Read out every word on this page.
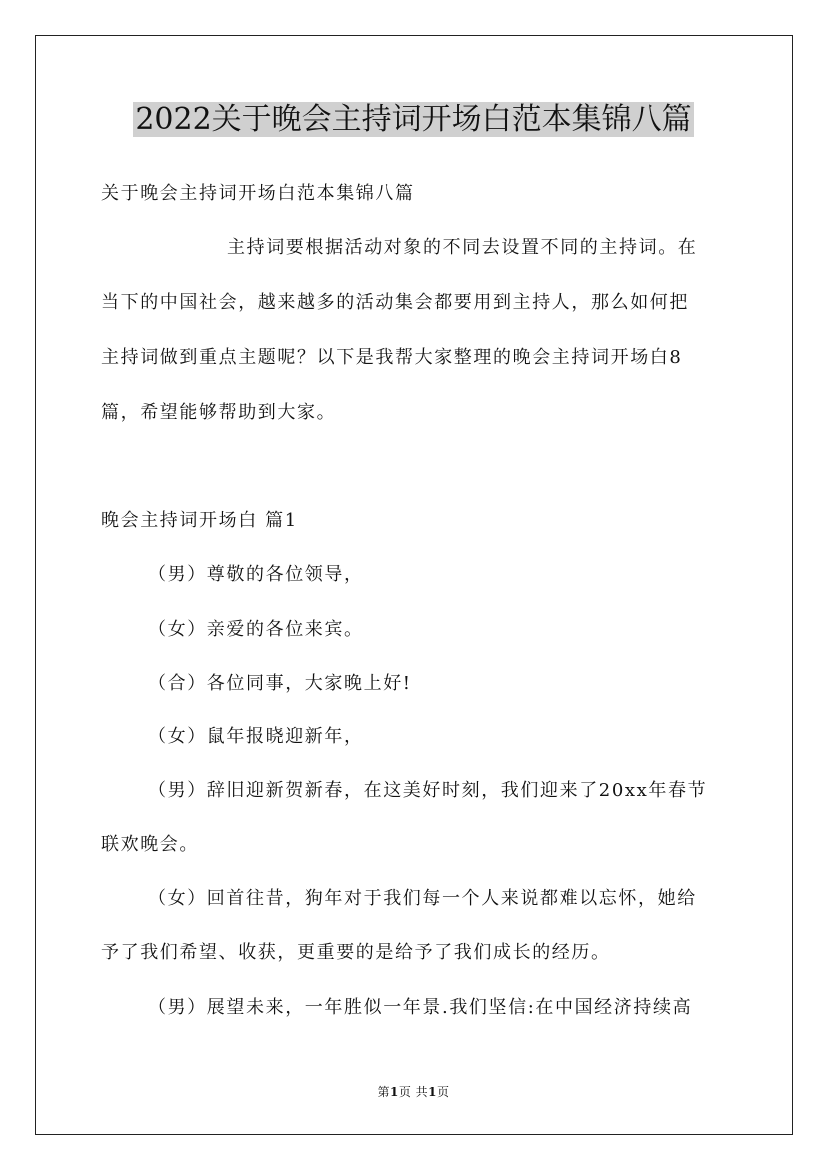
2022关于晚会主持词开场白范本集锦八篇

关于晚会主持词开场白范本集锦八篇

主持词要根据活动对象的不同去设置不同的主持词。在

当下的中国社会，越来越多的活动集会都要用到主持人，那么如何把

主持词做到重点主题呢？以下是我帮大家整理的晚会主持词开场白8

篇，希望能够帮助到大家。

晚会主持词开场白 篇1

（男）尊敬的各位领导，

（女）亲爱的各位来宾。

（合）各位同事，大家晚上好!

（女）鼠年报晓迎新年，

（男）辞旧迎新贺新春，在这美好时刻，我们迎来了20xx年春节

联欢晚会。

（女）回首往昔，狗年对于我们每一个人来说都难以忘怀，她给

予了我们希望、收获，更重要的是给予了我们成长的经历。

（男）展望未来，一年胜似一年景.我们坚信:在中国经济持续高

第1页 共1页
